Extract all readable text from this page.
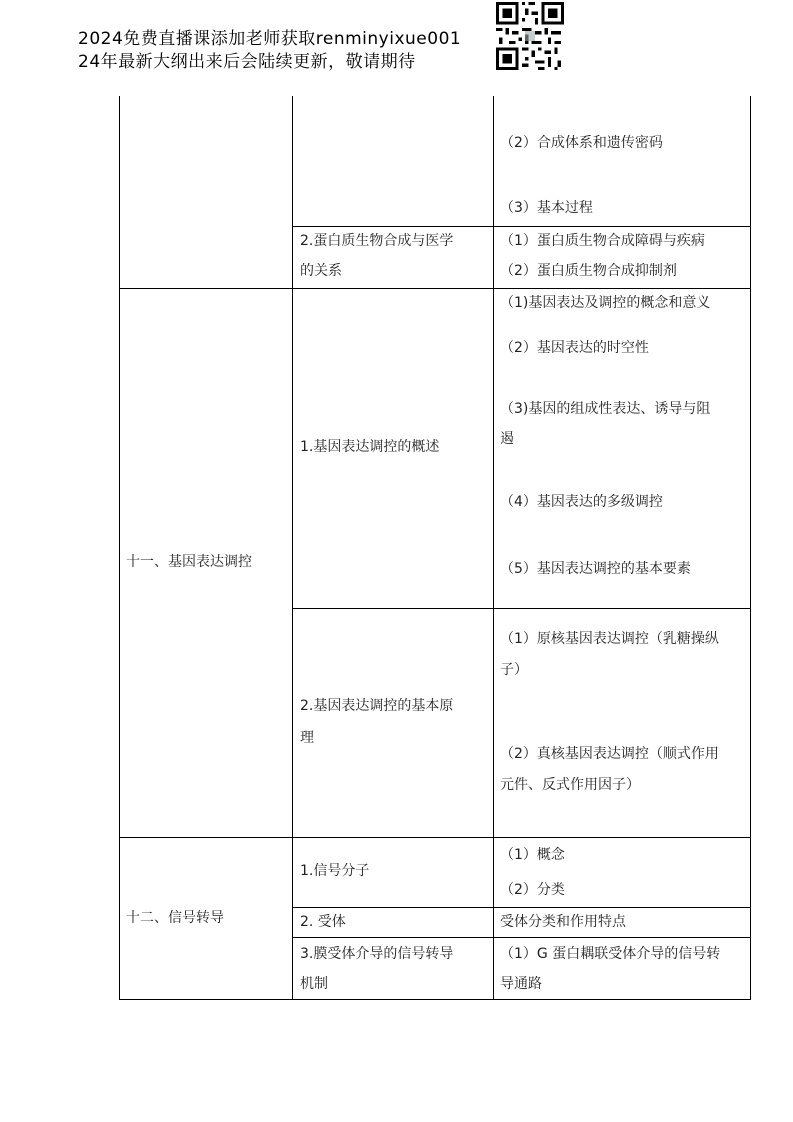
2024免费直播课添加老师获取renminyixue001
24年最新大纲出来后会陆续更新，敬请期待
（2）合成体系和遗传密码
（3）基本过程
2.蛋白质生物合成与医学
的关系
（1）蛋白质生物合成障碍与疾病
（2）蛋白质生物合成抑制剂
十一、基因表达调控
1.基因表达调控的概述
（1)基因表达及调控的概念和意义
（2）基因表达的时空性
（3)基因的组成性表达、诱导与阻
遏
（4）基因表达的多级调控
（5）基因表达调控的基本要素
2.基因表达调控的基本原
理
（1）原核基因表达调控（乳糖操纵
子）
（2）真核基因表达调控（顺式作用
元件、反式作用因子）
十二、信号转导
1.信号分子
（1）概念
（2）分类
2. 受体	受体分类和作用特点
3.膜受体介导的信号转导
机制
（1）G 蛋白耦联受体介导的信号转
导通路
